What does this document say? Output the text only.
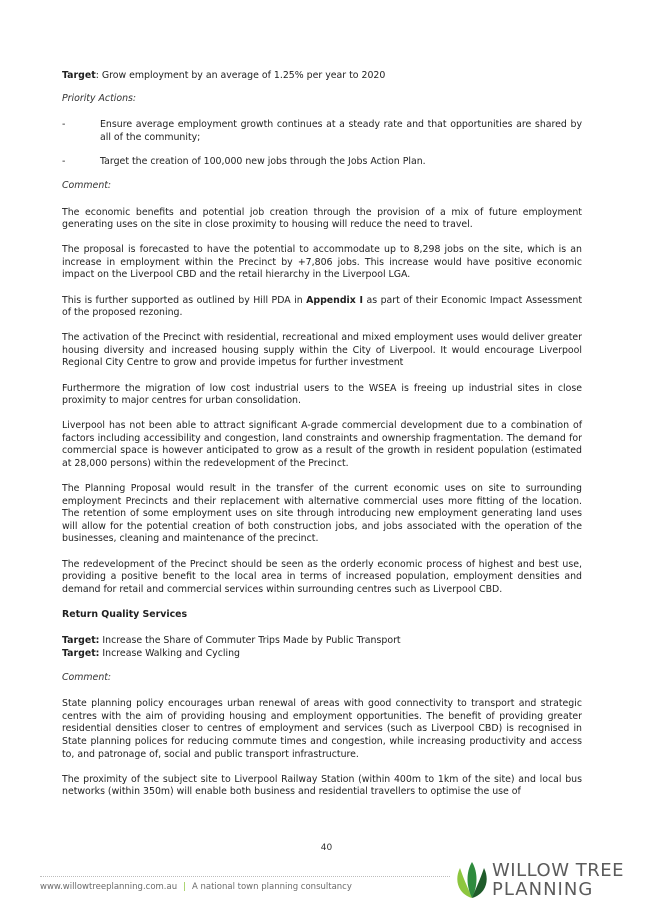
Target: Grow employment by an average of 1.25% per year to 2020

Priority Actions:

-	Ensure average employment growth continues at a steady rate and that opportunities are shared by all of the community;
-	Target the creation of 100,000 new jobs through the Jobs Action Plan.

Comment:

The economic benefits and potential job creation through the provision of a mix of future employment generating uses on the site in close proximity to housing will reduce the need to travel.

The proposal is forecasted to have the potential to accommodate up to 8,298 jobs on the site, which is an increase in employment within the Precinct by +7,806 jobs. This increase would have positive economic impact on the Liverpool CBD and the retail hierarchy in the Liverpool LGA.

This is further supported as outlined by Hill PDA in Appendix I as part of their Economic Impact Assessment of the proposed rezoning.

The activation of the Precinct with residential, recreational and mixed employment uses would deliver greater housing diversity and increased housing supply within the City of Liverpool. It would encourage Liverpool Regional City Centre to grow and provide impetus for further investment

Furthermore the migration of low cost industrial users to the WSEA is freeing up industrial sites in close proximity to major centres for urban consolidation.

Liverpool has not been able to attract significant A-grade commercial development due to a combination of factors including accessibility and congestion, land constraints and ownership fragmentation. The demand for commercial space is however anticipated to grow as a result of the growth in resident population (estimated at 28,000 persons) within the redevelopment of the Precinct.

The Planning Proposal would result in the transfer of the current economic uses on site to surrounding employment Precincts and their replacement with alternative commercial uses more fitting of the location. The retention of some employment uses on site through introducing new employment generating land uses will allow for the potential creation of both construction jobs, and jobs associated with the operation of the businesses, cleaning and maintenance of the precinct.

The redevelopment of the Precinct should be seen as the orderly economic process of highest and best use, providing a positive benefit to the local area in terms of increased population, employment densities and demand for retail and commercial services within surrounding centres such as Liverpool CBD.

Return Quality Services

Target: Increase the Share of Commuter Trips Made by Public Transport

Target: Increase Walking and Cycling

Comment:

State planning policy encourages urban renewal of areas with good connectivity to transport and strategic centres with the aim of providing housing and employment opportunities. The benefit of providing greater residential densities closer to centres of employment and services (such as Liverpool CBD) is recognised in State planning polices for reducing commute times and congestion, while increasing productivity and access to, and patronage of, social and public transport infrastructure.

The proximity of the subject site to Liverpool Railway Station (within 400m to 1km of the site) and local bus networks (within 350m) will enable both business and residential travellers to optimise the use of

40
www.willowtreeplanning.com.au | A national town planning consultancy
WILLOW TREE
PLANNING
